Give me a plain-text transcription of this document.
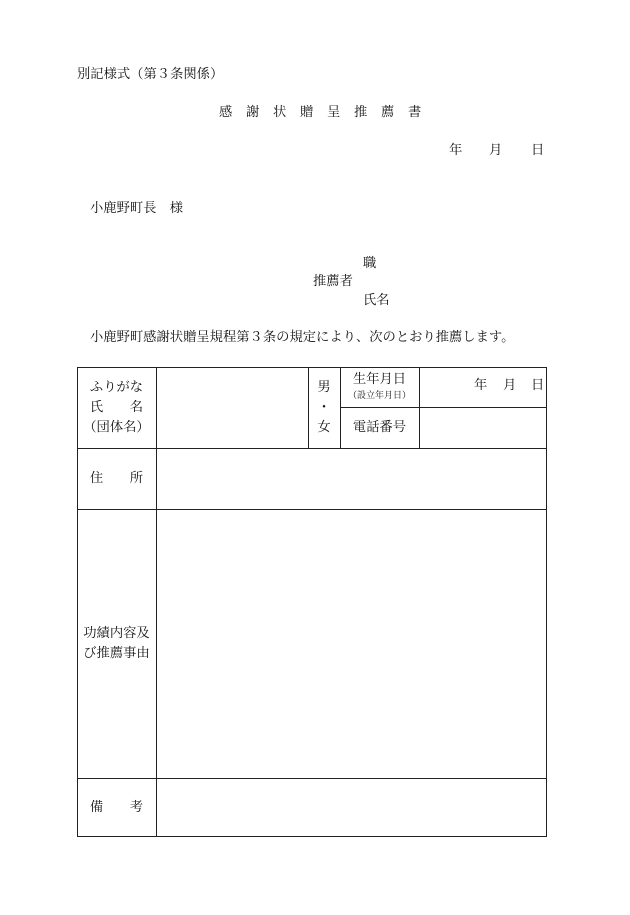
別記様式（第３条関係）
感謝状贈呈推薦書
年 月 日
小鹿野町長　様
職
推薦者
氏名
小鹿野町感謝状贈呈規程第３条の規定により、次のとおり推薦します。
ふりがな
氏　　名
（団体名）
男
・
女
生年月日
（設立年月日）
年 月 日
電話番号
住　　所
功績内容及
び推薦事由
備　　考
